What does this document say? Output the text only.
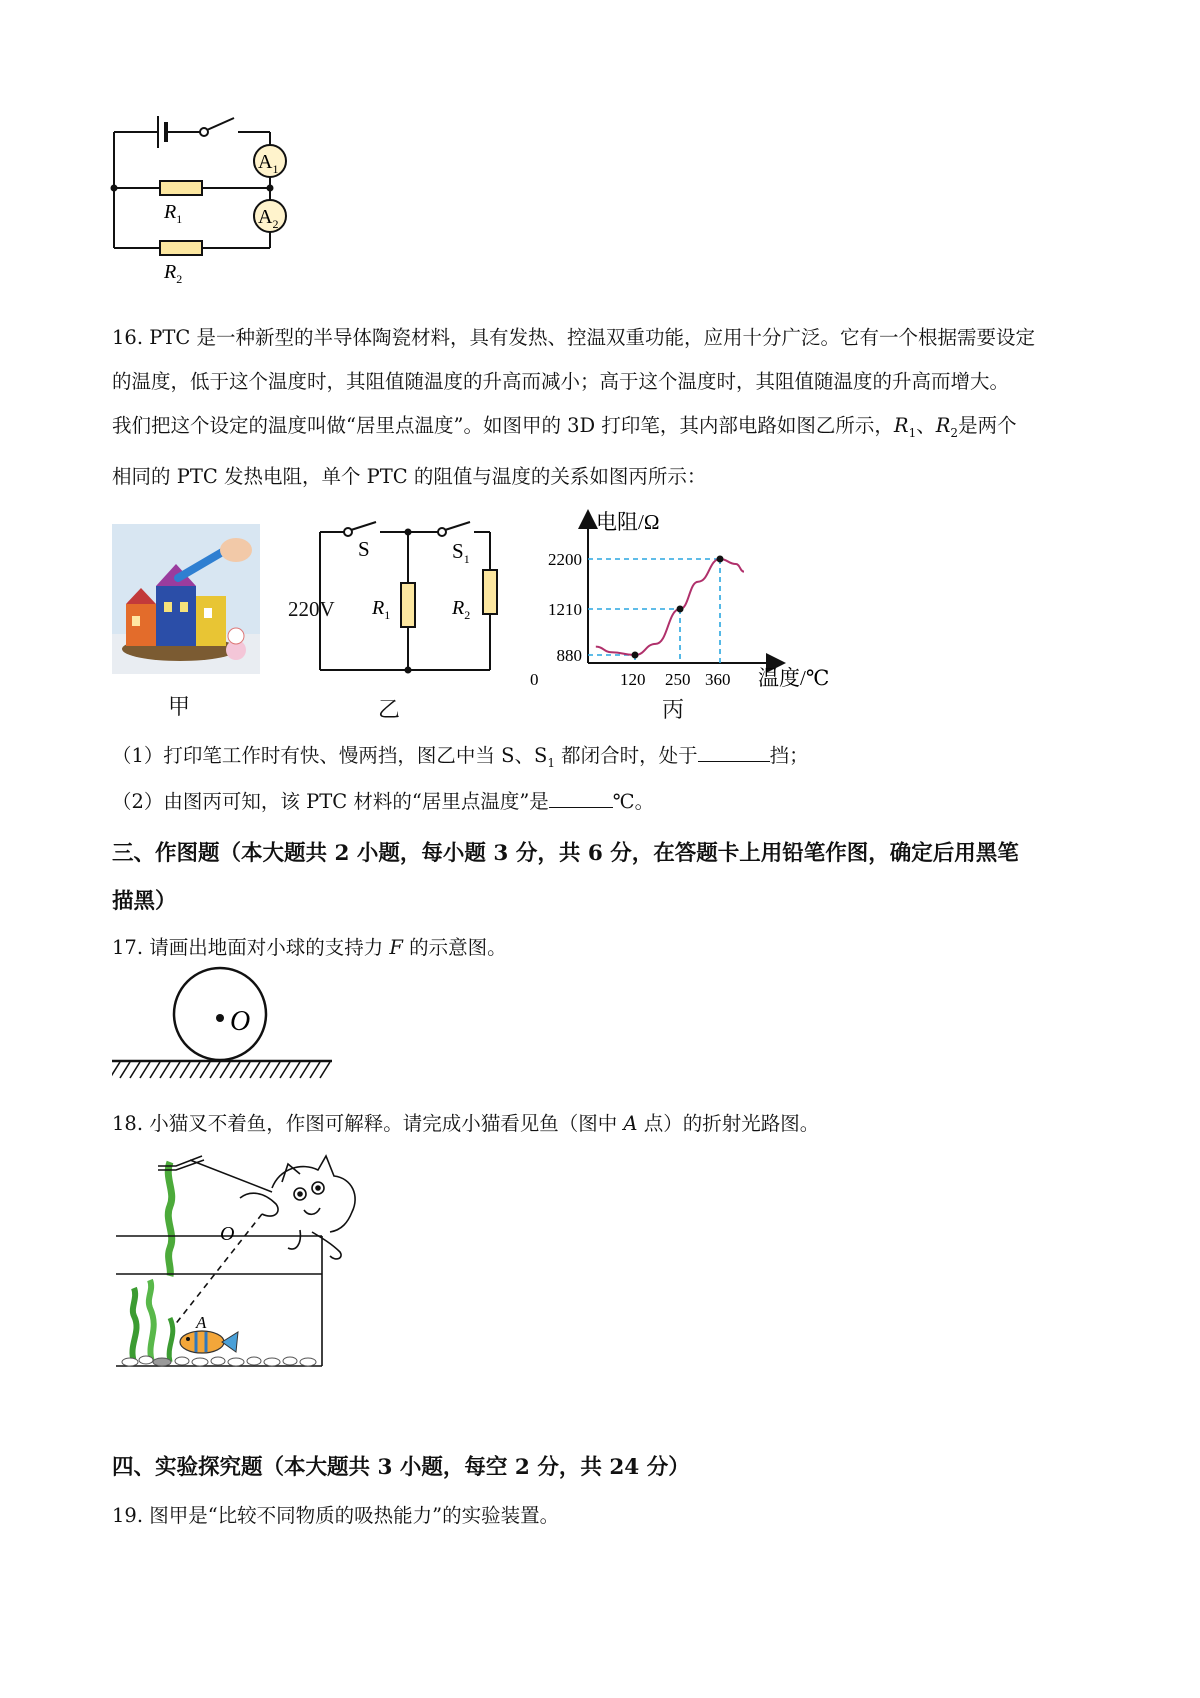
$A_1$
$A_2$
$R_1$
$R_2$
16. PTC 是一种新型的半导体陶瓷材料，具有发热、控温双重功能，应用十分广泛。它有一个根据需要设定
的温度，低于这个温度时，其阻值随温度的升高而减小；高于这个温度时，其阻值随温度的升高而增大。
我们把这个设定的温度叫做“居里点温度”。如图甲的 3D 打印笔，其内部电路如图乙所示，$R_1$、$R_2$是两个
相同的 PTC 发热电阻，单个 PTC 的阻值与温度的关系如图丙所示：
甲
220V
S	$S_1$
$R_1$	$R_2$
乙
120 250 360
880
1210
2200
电阻/Ω
温度/℃
0
丙
（1）打印笔工作时有快、慢两挡，图乙中当 S、$S_1$ 都闭合时，处于	挡；
（2）由图丙可知，该 PTC 材料的“居里点温度”是	℃。
三、作图题（本大题共 2 小题，每小题 3 分，共 6 分，在答题卡上用铅笔作图，确定后用黑笔
描黑）
17. 请画出地面对小球的支持力 F 的示意图。
O
18. 小猫叉不着鱼，作图可解释。请完成小猫看见鱼（图中 A 点）的折射光路图。
O
A
四、实验探究题（本大题共 3 小题，每空 2 分，共 24 分）
19. 图甲是“比较不同物质的吸热能力”的实验装置。
